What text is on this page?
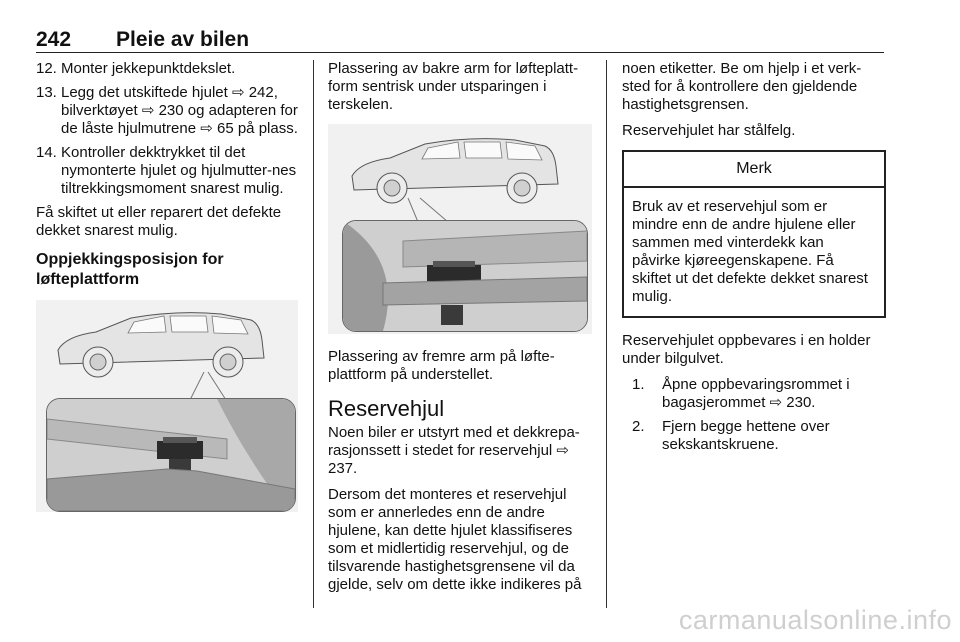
242 Pleie av bilen
12. Monter jekkepunktdekslet.
13. Legg det utskiftede hjulet ⇨ 242, bilverktøyet ⇨ 230 og adapteren for de låste hjulmutrene ⇨ 65 på plass.
14. Kontroller dekktrykket til det nymonterte hjulet og hjulmutter-nes tiltrekkingsmoment snarest mulig.

Få skiftet ut eller reparert det defekte dekket snarest mulig.

Oppjekkingsposisjon for løfteplattform

Plassering av bakre arm for løfteplatt-form sentrisk under utsparingen i terskelen.

Plassering av fremre arm på løfte-plattform på understellet.

Reservehjul

Noen biler er utstyrt med et dekkrepa-rasjonssett i stedet for reservehjul ⇨ 237.

Dersom det monteres et reservehjul som er annerledes enn de andre hjulene, kan dette hjulet klassifiseres som et midlertidig reservehjul, og de tilsvarende hastighetsgrensene vil da gjelde, selv om dette ikke indikeres på

noen etiketter. Be om hjelp i et verk-sted for å kontrollere den gjeldende hastighetsgrensen.

Reservehjulet har stålfelg.

Merk
Bruk av et reservehjul som er mindre enn de andre hjulene eller sammen med vinterdekk kan påvirke kjøreegenskapene. Få skiftet ut det defekte dekket snarest mulig.

Reservehjulet oppbevares i en holder under bilgulvet.

1. Åpne oppbevaringsrommet i bagasjerommet ⇨ 230.
2. Fjern begge hettene over sekskantskruene.
carmanualsonline.info
